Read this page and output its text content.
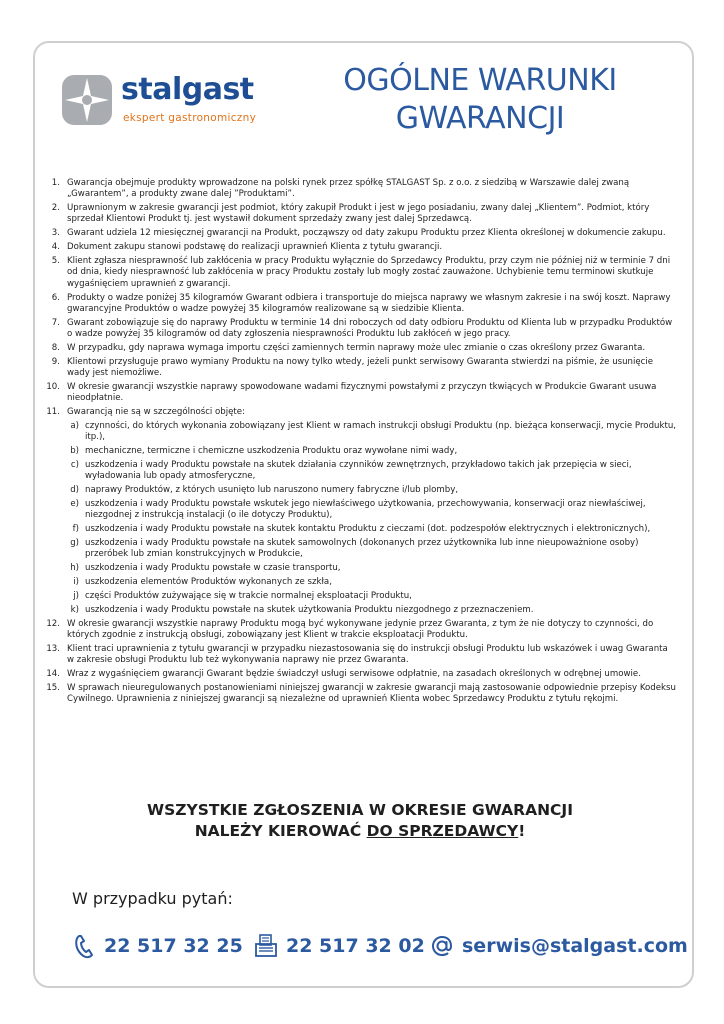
stalgast
ekspert gastronomiczny
OGÓLNE WARUNKI
GWARANCJI
1. Gwarancja obejmuje produkty wprowadzone na polski rynek przez spółkę STALGAST Sp. z o.o. z siedzibą w Warszawie dalej zwaną „Gwarantem”, a produkty zwane dalej ”Produktami”.
2. Uprawnionym w zakresie gwarancji jest podmiot, który zakupił Produkt i jest w jego posiadaniu, zwany dalej „Klientem”. Podmiot, który sprzedał Klientowi Produkt tj. jest wystawił dokument sprzedaży zwany jest dalej Sprzedawcą.
3. Gwarant udziela 12 miesięcznej gwarancji na Produkt, począwszy od daty zakupu Produktu przez Klienta określonej w dokumencie zakupu.
4. Dokument zakupu stanowi podstawę do realizacji uprawnień Klienta z tytułu gwarancji.
5. Klient zgłasza niesprawność lub zakłócenia w pracy Produktu wyłącznie do Sprzedawcy Produktu, przy czym nie później niż w terminie 7 dni od dnia, kiedy niesprawność lub zakłócenia w pracy Produktu zostały lub mogły zostać zauważone. Uchybienie temu terminowi skutkuje wygaśnięciem uprawnień z gwarancji.
6. Produkty o wadze poniżej 35 kilogramów Gwarant odbiera i transportuje do miejsca naprawy we własnym zakresie i na swój koszt. Naprawy gwarancyjne Produktów o wadze powyżej 35 kilogramów realizowane są w siedzibie Klienta.
7. Gwarant zobowiązuje się do naprawy Produktu w terminie 14 dni roboczych od daty odbioru Produktu od Klienta lub w przypadku Produktów o wadze powyżej 35 kilogramów od daty zgłoszenia niesprawności Produktu lub zakłóceń w jego pracy.
8. W przypadku, gdy naprawa wymaga importu części zamiennych termin naprawy może ulec zmianie o czas określony przez Gwaranta.
9. Klientowi przysługuje prawo wymiany Produktu na nowy tylko wtedy, jeżeli punkt serwisowy Gwaranta stwierdzi na piśmie, że usunięcie wady jest niemożliwe.
10. W okresie gwarancji wszystkie naprawy spowodowane wadami fizycznymi powstałymi z przyczyn tkwiących w Produkcie Gwarant usuwa nieodpłatnie.
11. Gwarancją nie są w szczególności objęte:
a) czynności, do których wykonania zobowiązany jest Klient w ramach instrukcji obsługi Produktu (np. bieżąca konserwacji, mycie Produktu, itp.),
b) mechaniczne, termiczne i chemiczne uszkodzenia Produktu oraz wywołane nimi wady,
c) uszkodzenia i wady Produktu powstałe na skutek działania czynników zewnętrznych, przykładowo takich jak przepięcia w sieci, wyładowania lub opady atmosferyczne,
d) naprawy Produktów, z których usunięto lub naruszono numery fabryczne i/lub plomby,
e) uszkodzenia i wady Produktu powstałe wskutek jego niewłaściwego użytkowania, przechowywania, konserwacji oraz niewłaściwej, niezgodnej z instrukcją instalacji (o ile dotyczy Produktu),
f) uszkodzenia i wady Produktu powstałe na skutek kontaktu Produktu z cieczami (dot. podzespołów elektrycznych i elektronicznych),
g) uszkodzenia i wady Produktu powstałe na skutek samowolnych (dokonanych przez użytkownika lub inne nieupoważnione osoby) przeróbek lub zmian konstrukcyjnych w Produkcie,
h) uszkodzenia i wady Produktu powstałe w czasie transportu,
i) uszkodzenia elementów Produktów wykonanych ze szkła,
j) części Produktów zużywające się w trakcie normalnej eksploatacji Produktu,
k) uszkodzenia i wady Produktu powstałe na skutek użytkowania Produktu niezgodnego z przeznaczeniem.
12. W okresie gwarancji wszystkie naprawy Produktu mogą być wykonywane jedynie przez Gwaranta, z tym że nie dotyczy to czynności, do których zgodnie z instrukcją obsługi, zobowiązany jest Klient w trakcie eksploatacji Produktu.
13. Klient traci uprawnienia z tytułu gwarancji w przypadku niezastosowania się do instrukcji obsługi Produktu lub wskazówek i uwag Gwaranta w zakresie obsługi Produktu lub też wykonywania naprawy nie przez Gwaranta.
14. Wraz z wygaśnięciem gwarancji Gwarant będzie świadczył usługi serwisowe odpłatnie, na zasadach określonych w odrębnej umowie.
15. W sprawach nieuregulowanych postanowieniami niniejszej gwarancji w zakresie gwarancji mają zastosowanie odpowiednie przepisy Kodeksu Cywilnego. Uprawnienia z niniejszej gwarancji są niezależne od uprawnień Klienta wobec Sprzedawcy Produktu z tytułu rękojmi.
WSZYSTKIE ZGŁOSZENIA W OKRESIE GWARANCJI
NALEŻY KIEROWAĆ DO SPRZEDAWCY!
W przypadku pytań:
22 517 32 25 22 517 32 02 serwis@stalgast.com
